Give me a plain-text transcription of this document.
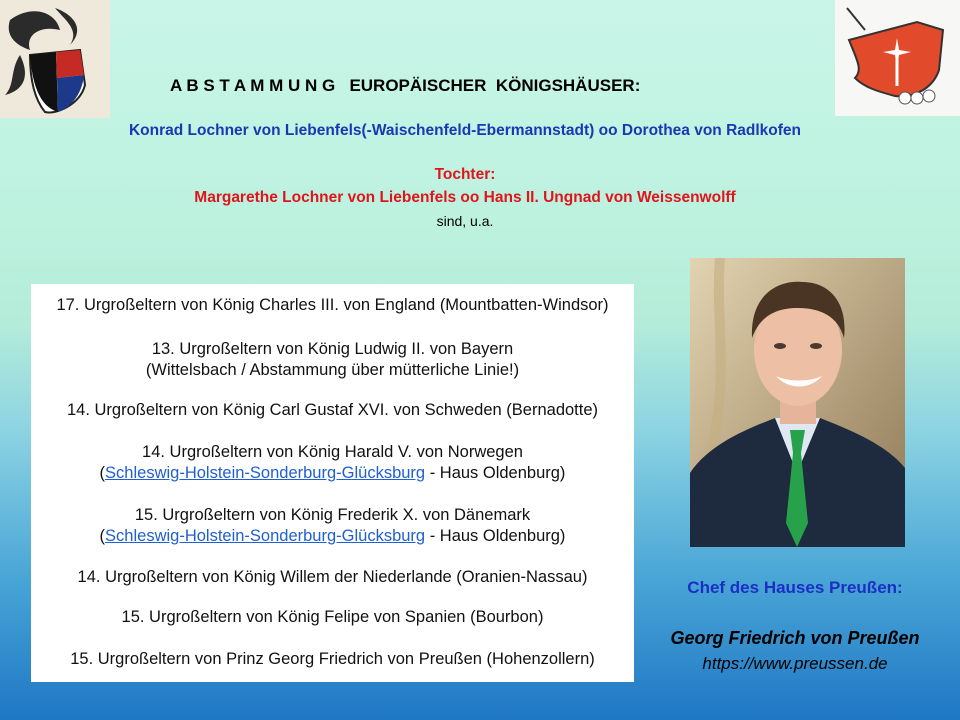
A B S T A M M U N G   EUROPÄISCHER  KÖNIGSHÄUSER:
Konrad Lochner von Liebenfels(-Waischenfeld-Ebermannstadt) oo Dorothea von Radlkofen
Tochter:
Margarethe Lochner von Liebenfels oo Hans II. Ungnad von Weissenwolff
sind, u.a.
17. Urgroßeltern von König Charles III. von England (Mountbatten-Windsor)
13. Urgroßeltern von König Ludwig II. von Bayern
(Wittelsbach / Abstammung über mütterliche Linie!)
14. Urgroßeltern von König Carl Gustaf XVI. von Schweden (Bernadotte)
14. Urgroßeltern von König Harald V. von Norwegen
(Schleswig-Holstein-Sonderburg-Glücksburg - Haus Oldenburg)
15. Urgroßeltern von König Frederik X. von Dänemark
(Schleswig-Holstein-Sonderburg-Glücksburg - Haus Oldenburg)
14. Urgroßeltern von König Willem der Niederlande (Oranien-Nassau)
15. Urgroßeltern von König Felipe von Spanien (Bourbon)
15. Urgroßeltern von Prinz Georg Friedrich von Preußen (Hohenzollern)
Chef des Hauses Preußen:
Georg Friedrich von Preußen
https://www.preussen.de
